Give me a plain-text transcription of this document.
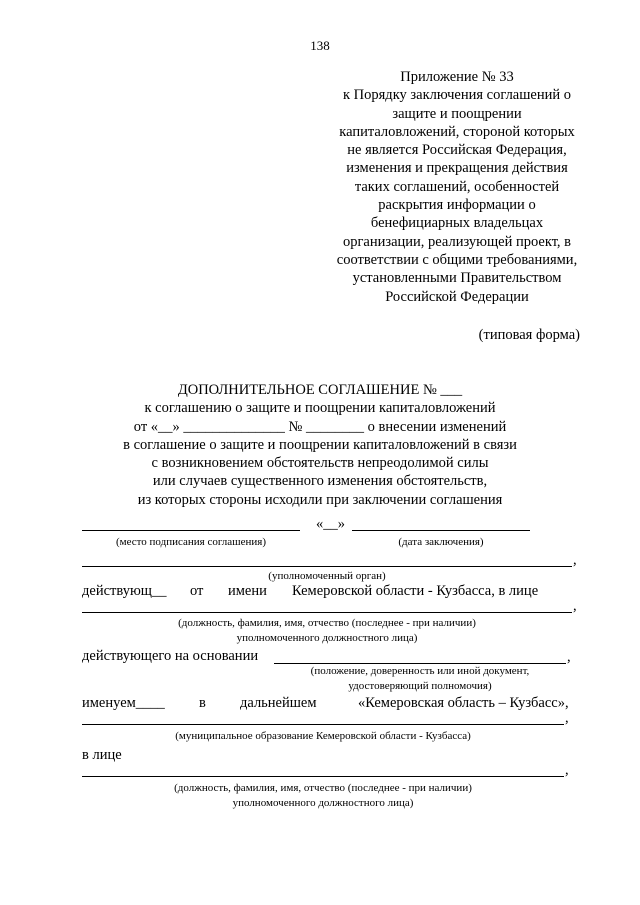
138
Приложение № 33
к Порядку заключения соглашений о
защите и поощрении
капиталовложений, стороной которых
не является Российская Федерация,
изменения и прекращения действия
таких соглашений, особенностей
раскрытия информации о
бенефициарных владельцах
организации, реализующей проект, в
соответствии с общими требованиями,
установленными Правительством
Российской Федерации
(типовая форма)
ДОПОЛНИТЕЛЬНОЕ СОГЛАШЕНИЕ № ___
к соглашению о защите и поощрении капиталовложений
от «__» ______________ № ________ о внесении изменений
в соглашение о защите и поощрении капиталовложений в связи
с возникновением обстоятельств непреодолимой силы
или случаев существенного изменения обстоятельств,
из которых стороны исходили при заключении соглашения
«__»
(место подписания соглашения)	(дата заключения)
,
(уполномоченный орган)
действующ__ от имени Кемеровской области - Кузбасса, в лице
,
(должность, фамилия, имя, отчество (последнее - при наличии)
уполномоченного должностного лица)
действующего на основании	,
(положение, доверенность или иной документ,
удостоверяющий полномочия)
именуем____ в дальнейшем	«Кемеровская область – Кузбасс»,
,
(муниципальное образование Кемеровской области - Кузбасса)
в лице
,
(должность, фамилия, имя, отчество (последнее - при наличии)
уполномоченного должностного лица)
